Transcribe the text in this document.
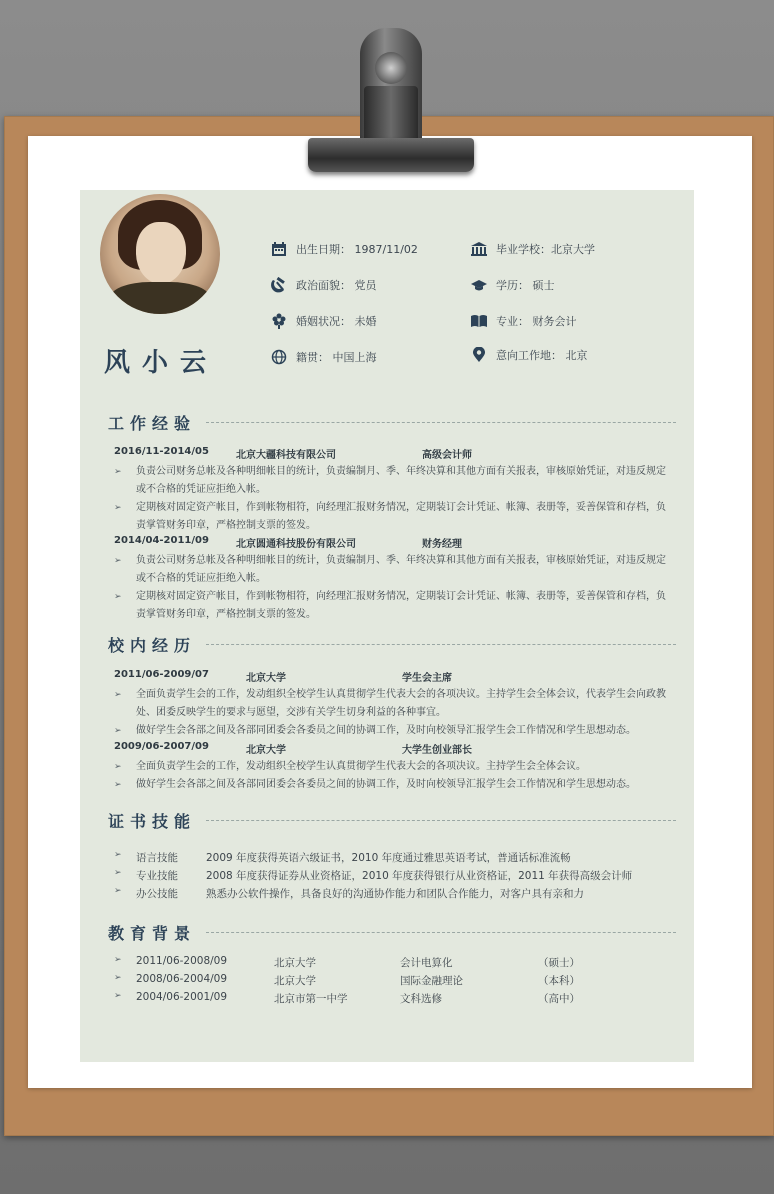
风小云
出生日期： 1987/11/02	毕业学校：北京大学
政治面貌： 党员	学历： 硕士
婚姻状况： 未婚	专业： 财务会计
籍贯： 中国上海	意向工作地： 北京
工作经验
2016/11-2014/05	北京大疆科技有限公司	高级会计师
➢ 负责公司财务总帐及各种明细帐目的统计，负责编制月、季、年终决算和其他方面有关报表，审核原始凭证，对违反规定或不合格的凭证应拒绝入帐。
➢ 定期核对固定资产帐目，作到帐物相符，向经理汇报财务情况，定期装订会计凭证、帐簿、表册等，妥善保管和存档，负责掌管财务印章，严格控制支票的签发。
2014/04-2011/09	北京圆通科技股份有限公司	财务经理
➢ 负责公司财务总帐及各种明细帐目的统计，负责编制月、季、年终决算和其他方面有关报表，审核原始凭证，对违反规定或不合格的凭证应拒绝入帐。
➢ 定期核对固定资产帐目，作到帐物相符，向经理汇报财务情况，定期装订会计凭证、帐簿、表册等，妥善保管和存档，负责掌管财务印章，严格控制支票的签发。
校内经历
2011/06-2009/07	北京大学	学生会主席
➢ 全面负责学生会的工作，发动组织全校学生认真贯彻学生代表大会的各项决议。主持学生会全体会议，代表学生会向政教处、团委反映学生的要求与愿望，交涉有关学生切身利益的各种事宜。
➢ 做好学生会各部之间及各部同团委会各委员之间的协调工作，及时向校领导汇报学生会工作情况和学生思想动态。
2009/06-2007/09	北京大学	大学生创业部长
➢ 全面负责学生会的工作，发动组织全校学生认真贯彻学生代表大会的各项决议。主持学生会全体会议。
➢ 做好学生会各部之间及各部同团委会各委员之间的协调工作，及时向校领导汇报学生会工作情况和学生思想动态。
证书技能
➢ 语言技能	2009 年度获得英语六级证书，2010 年度通过雅思英语考试，普通话标准流畅
➢ 专业技能	2008 年度获得证券从业资格证，2010 年度获得银行从业资格证，2011 年获得高级会计师
➢ 办公技能	熟悉办公软件操作，具备良好的沟通协作能力和团队合作能力，对客户具有亲和力
教育背景
➢ 2011/06-2008/09	北京大学	会计电算化	（硕士）
➢ 2008/06-2004/09	北京大学	国际金融理论	（本科）
➢ 2004/06-2001/09	北京市第一中学	文科选修	（高中）
